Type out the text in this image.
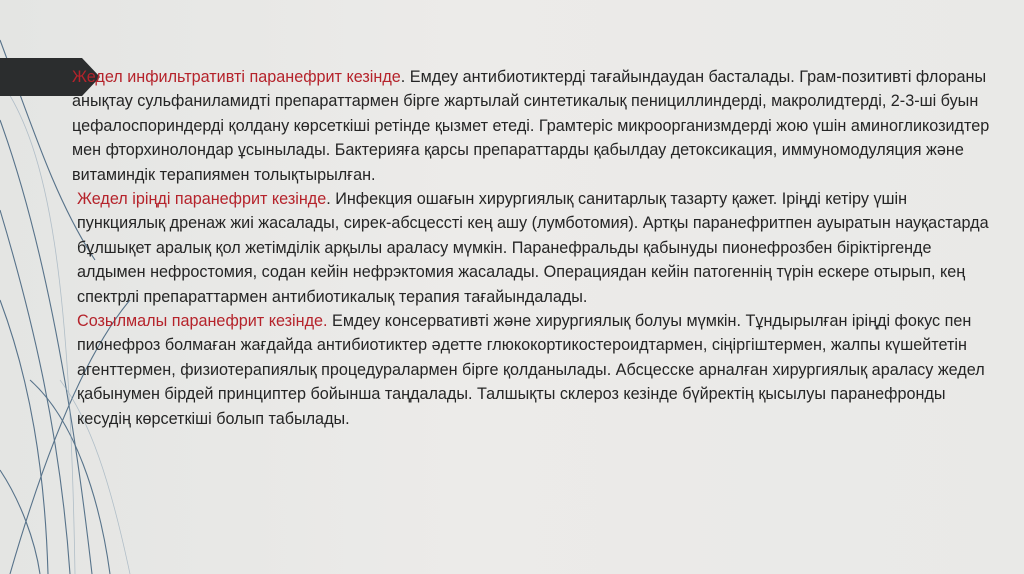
Жедел инфильтративті паранефрит кезінде. Емдеу антибиотиктерді тағайындаудан басталады. Грам-позитивті флораны анықтау сульфаниламидті препараттармен бірге жартылай синтетикалық пенициллиндерді, макролидтерді, 2-3-ші буын цефалоспориндерді қолдану көрсеткіші ретінде қызмет етеді. Грамтеріс микроорганизмдерді жою үшін аминогликозидтер мен фторхинолондар ұсынылады. Бактерияға қарсы препараттарды қабылдау детоксикация, иммуномодуляция және витаминдік терапиямен толықтырылған.

Жедел іріңді паранефрит кезінде. Инфекция ошағын хирургиялық санитарлық тазарту қажет. Іріңді кетіру үшін пункциялық дренаж жиі жасалады, сирек-абсцессті кең ашу (лумботомия). Артқы паранефритпен ауыратын науқастарда бұлшықет аралық қол жетімділік арқылы араласу мүмкін. Паранефральды қабынуды пионефрозбен біріктіргенде алдымен нефростомия, содан кейін нефрэктомия жасалады. Операциядан кейін патогеннің түрін ескере отырып, кең спектрлі препараттармен антибиотикалық терапия тағайындалады.

Созылмалы паранефрит кезінде. Емдеу консервативті және хирургиялық болуы мүмкін. Тұндырылған іріңді фокус пен пионефроз болмаған жағдайда антибиотиктер әдетте глюкокортикостероидтармен, сіңіргіштермен, жалпы күшейтетін агенттермен, физиотерапиялық процедуралармен бірге қолданылады. Абсцесске арналған хирургиялық араласу жедел қабынумен бірдей принциптер бойынша таңдалады. Талшықты склероз кезінде бүйректің қысылуы паранефронды кесудің көрсеткіші болып табылады.
